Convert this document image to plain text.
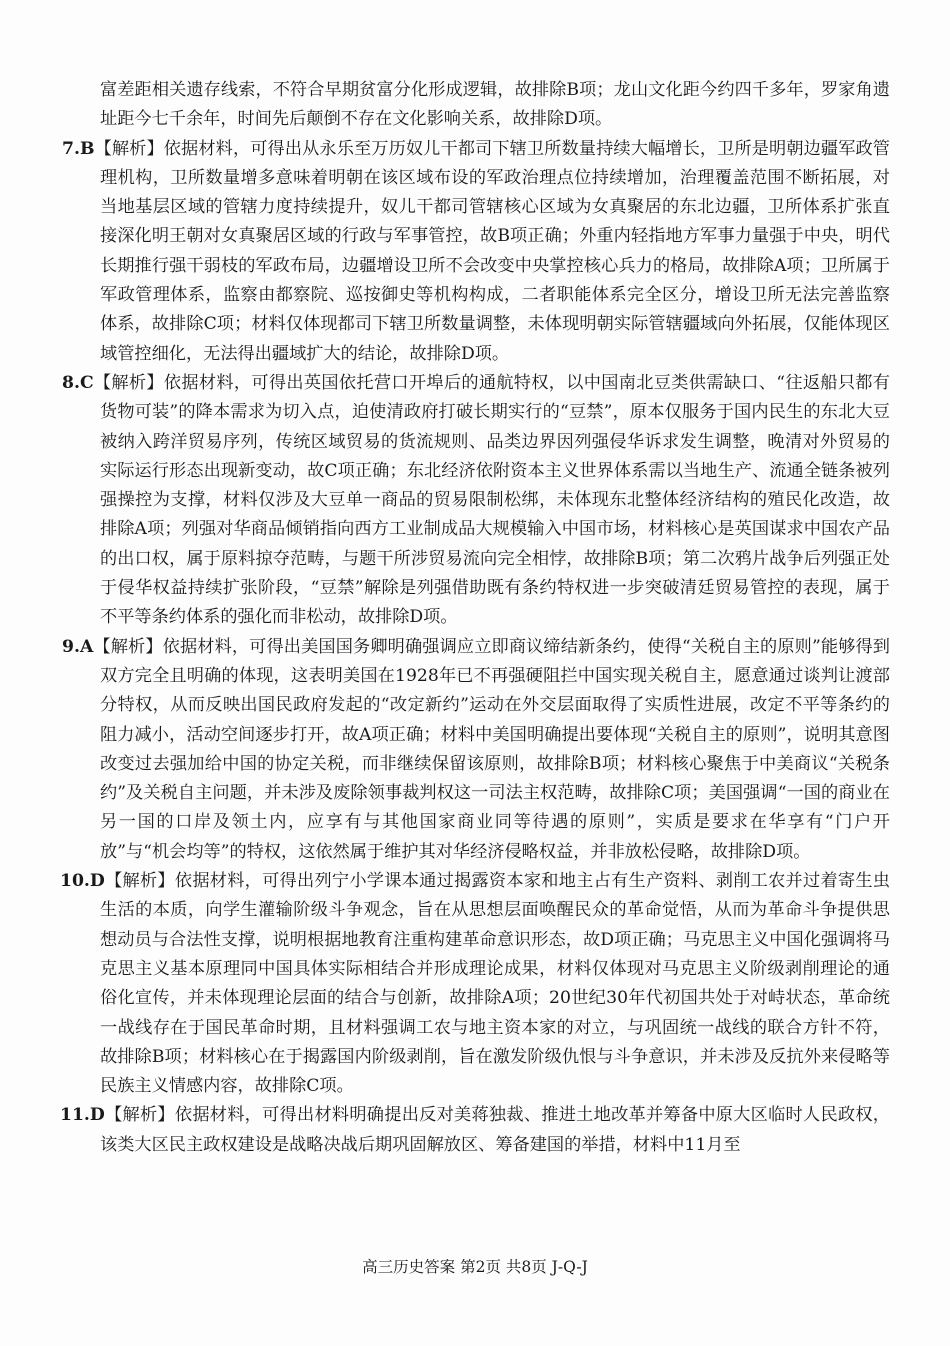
富差距相关遗存线索，不符合早期贫富分化形成逻辑，故排除B项；龙山文化距今约四千多年，罗家角遗址距今七千余年，时间先后颠倒不存在文化影响关系，故排除D项。

7.B【解析】依据材料，可得出从永乐至万历奴儿干都司下辖卫所数量持续大幅增长，卫所是明朝边疆军政管理机构，卫所数量增多意味着明朝在该区域布设的军政治理点位持续增加，治理覆盖范围不断拓展，对当地基层区域的管辖力度持续提升，奴儿干都司管辖核心区域为女真聚居的东北边疆，卫所体系扩张直接深化明王朝对女真聚居区域的行政与军事管控，故B项正确；外重内轻指地方军事力量强于中央，明代长期推行强干弱枝的军政布局，边疆增设卫所不会改变中央掌控核心兵力的格局，故排除A项；卫所属于军政管理体系，监察由都察院、巡按御史等机构构成，二者职能体系完全区分，增设卫所无法完善监察体系，故排除C项；材料仅体现都司下辖卫所数量调整，未体现明朝实际管辖疆域向外拓展，仅能体现区域管控细化，无法得出疆域扩大的结论，故排除D项。

8.C【解析】依据材料，可得出英国依托营口开埠后的通航特权，以中国南北豆类供需缺口、“往返船只都有货物可装”的降本需求为切入点，迫使清政府打破长期实行的“豆禁”，原本仅服务于国内民生的东北大豆被纳入跨洋贸易序列，传统区域贸易的货流规则、品类边界因列强侵华诉求发生调整，晚清对外贸易的实际运行形态出现新变动，故C项正确；东北经济依附资本主义世界体系需以当地生产、流通全链条被列强操控为支撑，材料仅涉及大豆单一商品的贸易限制松绑，未体现东北整体经济结构的殖民化改造，故排除A项；列强对华商品倾销指向西方工业制成品大规模输入中国市场，材料核心是英国谋求中国农产品的出口权，属于原料掠夺范畴，与题干所涉贸易流向完全相悖，故排除B项；第二次鸦片战争后列强正处于侵华权益持续扩张阶段，“豆禁”解除是列强借助既有条约特权进一步突破清廷贸易管控的表现，属于不平等条约体系的强化而非松动，故排除D项。

9.A【解析】依据材料，可得出美国国务卿明确强调应立即商议缔结新条约，使得“关税自主的原则”能够得到双方完全且明确的体现，这表明美国在1928年已不再强硬阻拦中国实现关税自主，愿意通过谈判让渡部分特权，从而反映出国民政府发起的“改定新约”运动在外交层面取得了实质性进展，改定不平等条约的阻力减小，活动空间逐步打开，故A项正确；材料中美国明确提出要体现“关税自主的原则”，说明其意图改变过去强加给中国的协定关税，而非继续保留该原则，故排除B项；材料核心聚焦于中美商议“关税条约”及关税自主问题，并未涉及废除领事裁判权这一司法主权范畴，故排除C项；美国强调“一国的商业在另一国的口岸及领土内，应享有与其他国家商业同等待遇的原则”，实质是要求在华享有“门户开放”与“机会均等”的特权，这依然属于维护其对华经济侵略权益，并非放松侵略，故排除D项。

10.D【解析】依据材料，可得出列宁小学课本通过揭露资本家和地主占有生产资料、剥削工农并过着寄生虫生活的本质，向学生灌输阶级斗争观念，旨在从思想层面唤醒民众的革命觉悟，从而为革命斗争提供思想动员与合法性支撑，说明根据地教育注重构建革命意识形态，故D项正确；马克思主义中国化强调将马克思主义基本原理同中国具体实际相结合并形成理论成果，材料仅体现对马克思主义阶级剥削理论的通俗化宣传，并未体现理论层面的结合与创新，故排除A项；20世纪30年代初国共处于对峙状态，革命统一战线存在于国民革命时期，且材料强调工农与地主资本家的对立，与巩固统一战线的联合方针不符，故排除B项；材料核心在于揭露国内阶级剥削，旨在激发阶级仇恨与斗争意识，并未涉及反抗外来侵略等民族主义情感内容，故排除C项。

11.D【解析】依据材料，可得出材料明确提出反对美蒋独裁、推进土地改革并筹备中原大区临时人民政权，该类大区民主政权建设是战略决战后期巩固解放区、筹备建国的举措，材料中11月至

高三历史答案 第2页 共8页 J-Q-J
